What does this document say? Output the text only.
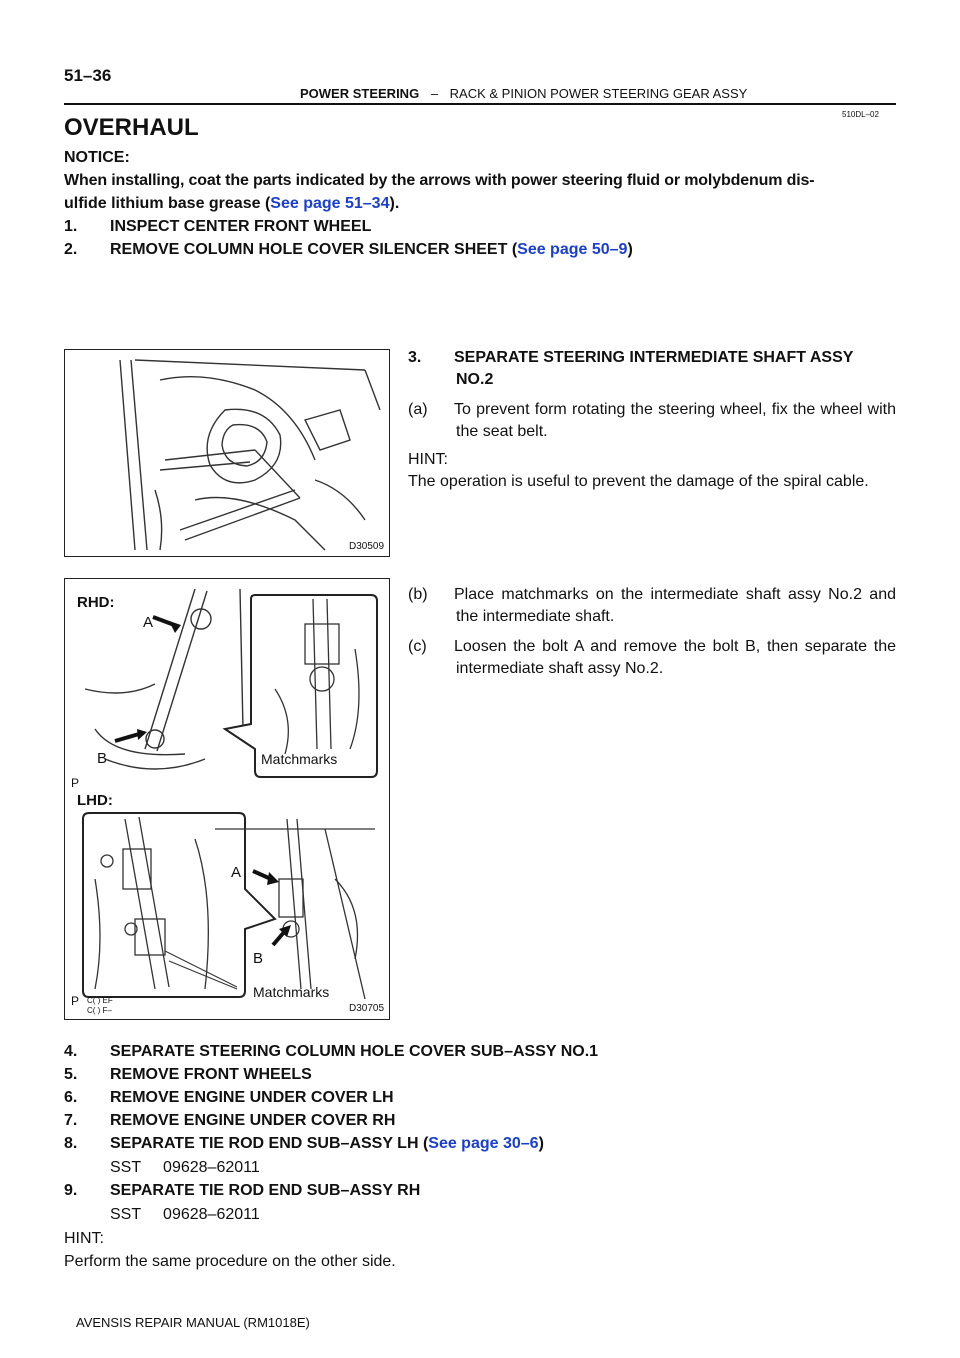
51–36
POWER STEERING – RACK & PINION POWER STEERING GEAR ASSY
510DL–02
OVERHAUL
NOTICE:
When installing, coat the parts indicated by the arrows with power steering fluid or molybdenum dis-
ulfide lithium base grease (See page 51–34).
1. INSPECT CENTER FRONT WHEEL
2. REMOVE COLUMN HOLE COVER SILENCER SHEET (See page 50–9)
D30509
RHD:
A
B	Matchmarks
P
LHD:
A
B
Matchmarks
P C( ) EF
C( ) F–	D30705
3. SEPARATE STEERING INTERMEDIATE SHAFT ASSY
NO.2
(a) To prevent form rotating the steering wheel, fix the wheel with the seat belt.
HINT:
The operation is useful to prevent the damage of the spiral cable.
(b) Place matchmarks on the intermediate shaft assy No.2 and the intermediate shaft.
(c) Loosen the bolt A and remove the bolt B, then separate the intermediate shaft assy No.2.
4. SEPARATE STEERING COLUMN HOLE COVER SUB–ASSY NO.1
5. REMOVE FRONT WHEELS
6. REMOVE ENGINE UNDER COVER LH
7. REMOVE ENGINE UNDER COVER RH
8. SEPARATE TIE ROD END SUB–ASSY LH (See page 30–6)
SST     09628–62011
9. SEPARATE TIE ROD END SUB–ASSY RH
SST     09628–62011
HINT:
Perform the same procedure on the other side.
AVENSIS REPAIR MANUAL (RM1018E)
